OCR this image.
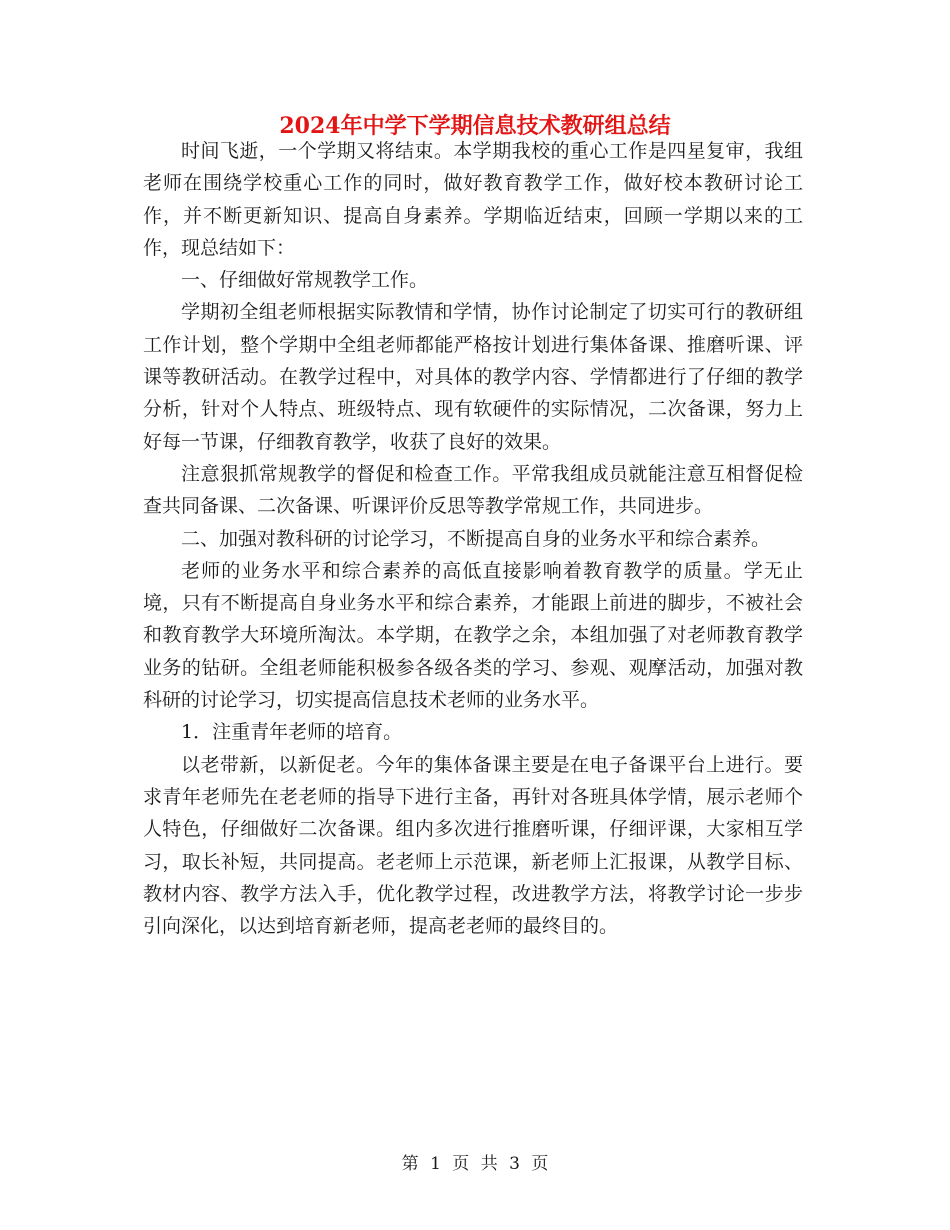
2024年中学下学期信息技术教研组总结

时间飞逝，一个学期又将结束。本学期我校的重心工作是四星复审，我组老师在围绕学校重心工作的同时，做好教育教学工作，做好校本教研讨论工作，并不断更新知识、提高自身素养。学期临近结束，回顾一学期以来的工作，现总结如下：

一、仔细做好常规教学工作。

学期初全组老师根据实际教情和学情，协作讨论制定了切实可行的教研组工作计划，整个学期中全组老师都能严格按计划进行集体备课、推磨听课、评课等教研活动。在教学过程中，对具体的教学内容、学情都进行了仔细的教学分析，针对个人特点、班级特点、现有软硬件的实际情况，二次备课，努力上好每一节课，仔细教育教学，收获了良好的效果。

注意狠抓常规教学的督促和检查工作。平常我组成员就能注意互相督促检查共同备课、二次备课、听课评价反思等教学常规工作，共同进步。

二、加强对教科研的讨论学习，不断提高自身的业务水平和综合素养。

老师的业务水平和综合素养的高低直接影响着教育教学的质量。学无止境，只有不断提高自身业务水平和综合素养，才能跟上前进的脚步，不被社会和教育教学大环境所淘汰。本学期，在教学之余，本组加强了对老师教育教学业务的钻研。全组老师能积极参各级各类的学习、参观、观摩活动，加强对教科研的讨论学习，切实提高信息技术老师的业务水平。

1．注重青年老师的培育。

以老带新，以新促老。今年的集体备课主要是在电子备课平台上进行。要求青年老师先在老老师的指导下进行主备，再针对各班具体学情，展示老师个人特色，仔细做好二次备课。组内多次进行推磨听课，仔细评课，大家相互学习，取长补短，共同提高。老老师上示范课，新老师上汇报课，从教学目标、教材内容、教学方法入手，优化教学过程，改进教学方法，将教学讨论一步步引向深化，以达到培育新老师，提高老老师的最终目的。

第 1 页 共 3 页
